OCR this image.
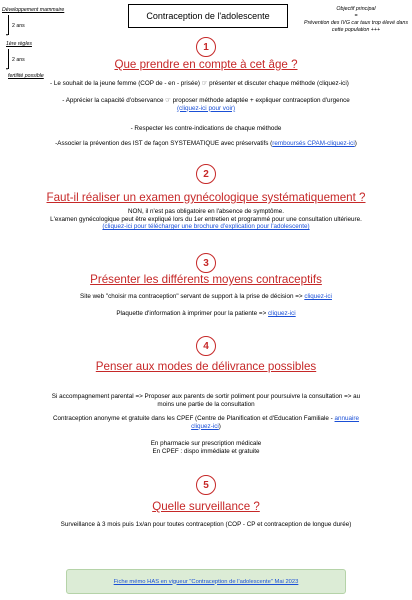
Développement mammaire
2 ans
1ère règles
2 ans
fertilité possible
Contraception de l'adolescente
Objectif principal
=
Prévention des IVG car taux trop élevé dans cette population +++
1
Que prendre en compte à cet âge ?
- Le souhait de la jeune femme (COP de - en - prisée) ☞ présenter et discuter chaque méthode (cliquez-ici)
- Apprécier la capacité d'observance ☞ proposer méthode adaptée + expliquer contraception d'urgence
(cliquez-ici pour voir)
- Respecter les contre-indications de chaque méthode
-Associer la prévention des IST de façon SYSTEMATIQUE avec préservatifs (remboursés CPAM-cliquez-ici)
2
Faut-il réaliser un examen gynécologique systématiquement ?
NON, il n'est pas obligatoire en l'absence de symptôme.
L'examen gynécologique peut être expliqué lors du 1er entretien et programmé pour une consultation ultérieure.
(cliquez-ici pour télécharger une brochure d'explication pour l'adolescente)
3
Présenter les différents moyens contraceptifs
Site web "choisir ma contraception" servant de support à la prise de décision => cliquez-ici
Plaquette d'information à imprimer pour la patiente => cliquez-ici
4
Penser aux modes de délivrance possibles
Si accompagnement parental => Proposer aux parents de sortir poliment pour poursuivre la consultation => au
moins une partie de la consultation
Contraception anonyme et gratuite dans les CPEF (Centre de Planification et d'Education Familiale - annuaire
cliquez-ici)
En pharmacie sur prescription médicale
En CPEF : dispo immédiate et gratuite
5
Quelle surveillance ?
Surveillance à 3 mois puis 1x/an pour toutes contraception (COP - CP et contraception de longue durée)
Fiche mémo HAS en vigueur "Contraception de l'adolescente" Mai 2023
